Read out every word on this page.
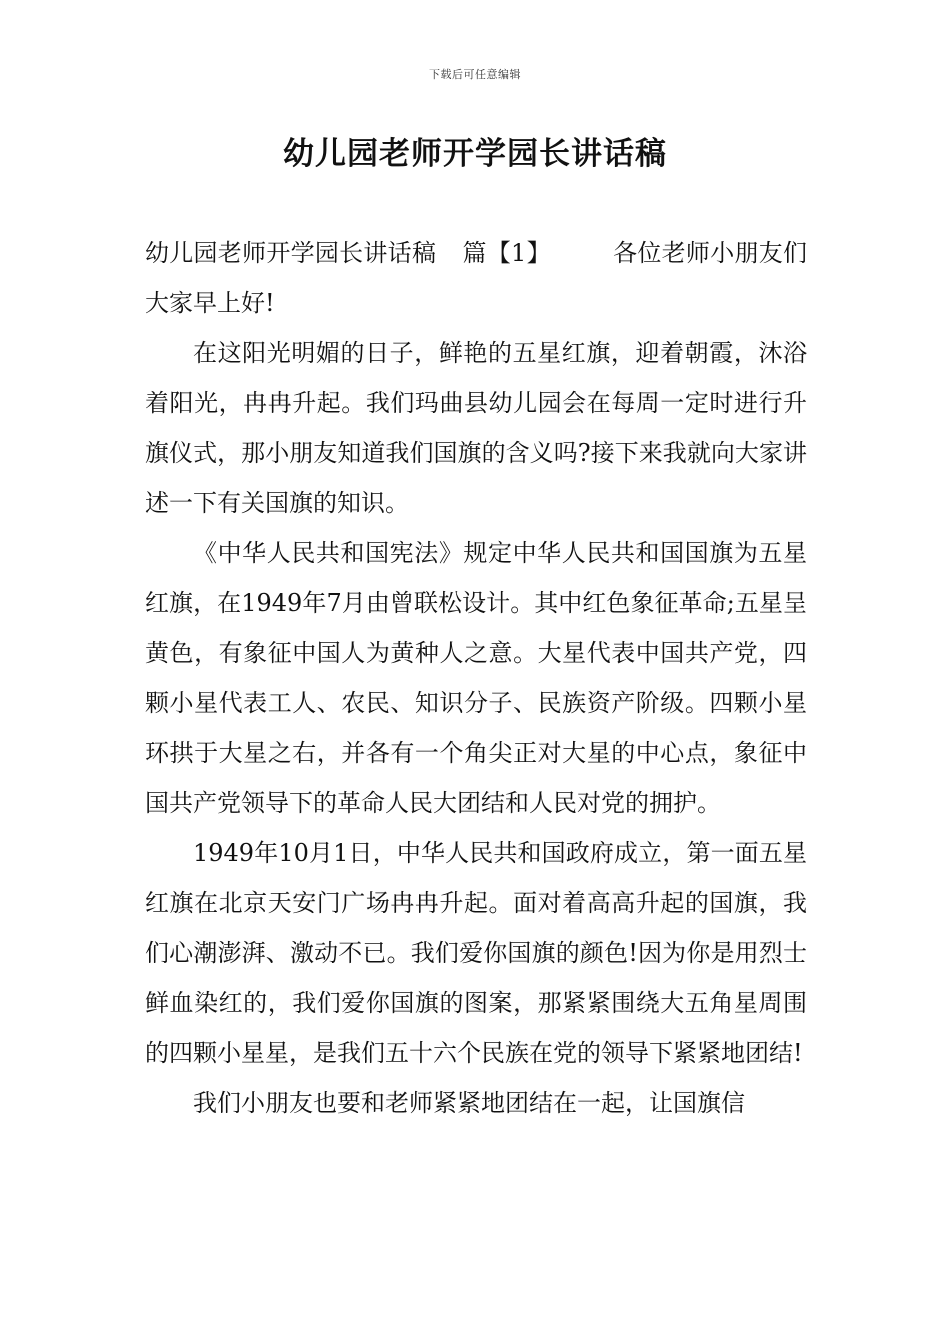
下载后可任意编辑
幼儿园老师开学园长讲话稿

幼儿园老师开学园长讲话稿 篇【1】	各位老师小朋友们大家早上好!

在这阳光明媚的日子，鲜艳的五星红旗，迎着朝霞，沐浴着阳光，冉冉升起。我们玛曲县幼儿园会在每周一定时进行升旗仪式，那小朋友知道我们国旗的含义吗?接下来我就向大家讲述一下有关国旗的知识。

《中华人民共和国宪法》规定中华人民共和国国旗为五星红旗，在1949年7月由曾联松设计。其中红色象征革命;五星呈黄色，有象征中国人为黄种人之意。大星代表中国共产党，四颗小星代表工人、农民、知识分子、民族资产阶级。四颗小星环拱于大星之右，并各有一个角尖正对大星的中心点，象征中国共产党领导下的革命人民大团结和人民对党的拥护。

1949年10月1日，中华人民共和国政府成立，第一面五星红旗在北京天安门广场冉冉升起。面对着高高升起的国旗，我们心潮澎湃、激动不已。我们爱你国旗的颜色!因为你是用烈士鲜血染红的，我们爱你国旗的图案，那紧紧围绕大五角星周围的四颗小星星，是我们五十六个民族在党的领导下紧紧地团结!

我们小朋友也要和老师紧紧地团结在一起，让国旗信
